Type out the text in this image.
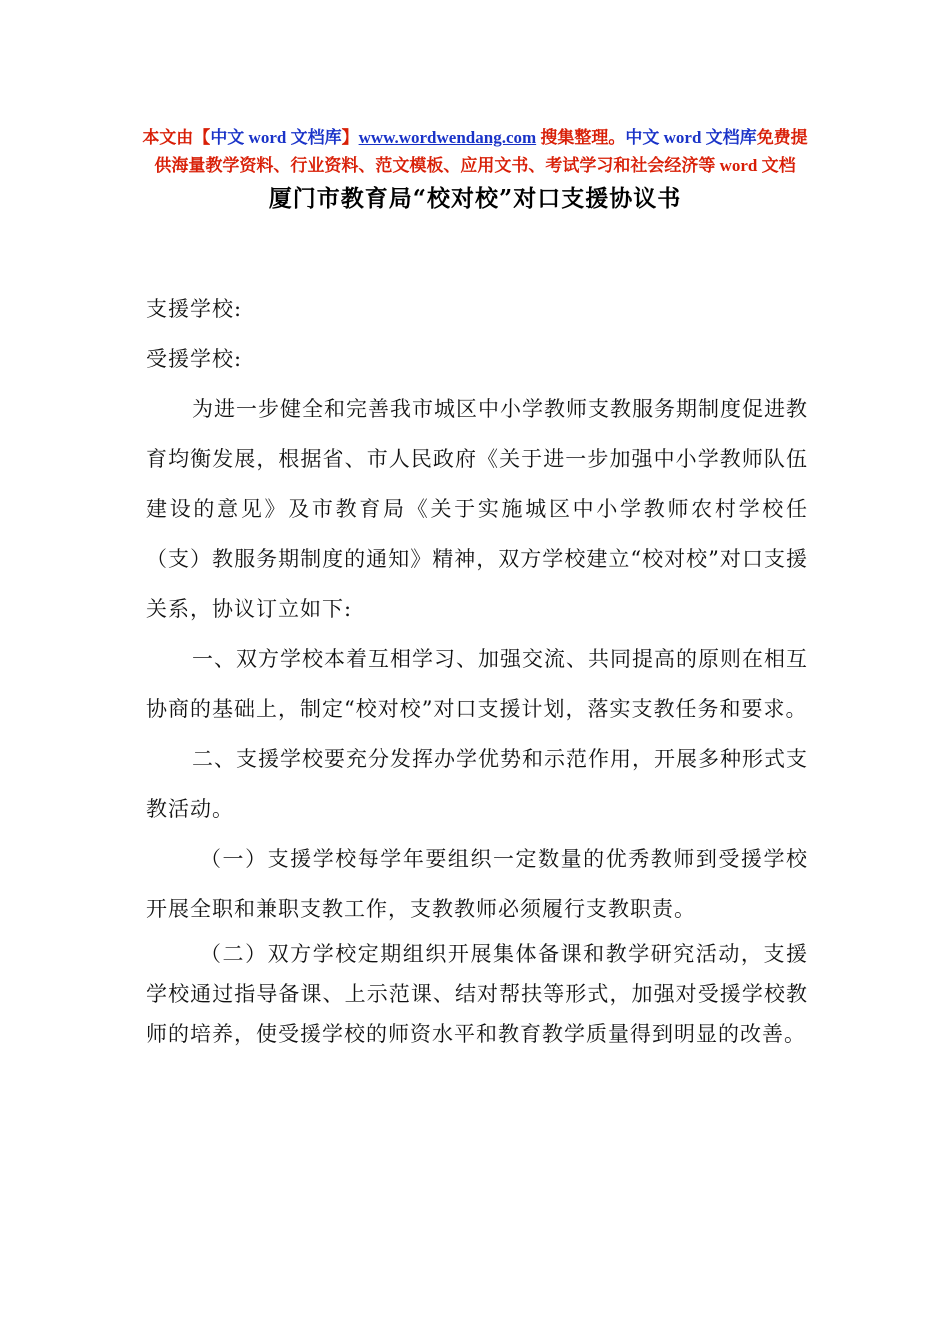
本文由【中文 word 文档库】www.wordwendang.com 搜集整理。中文 word 文档库免费提供海量教学资料、行业资料、范文模板、应用文书、考试学习和社会经济等 word 文档
厦门市教育局“校对校”对口支援协议书

支援学校:

受援学校:

为进一步健全和完善我市城区中小学教师支教服务期制度促进教育均衡发展，根据省、市人民政府《关于进一步加强中小学教师队伍建设的意见》及市教育局《关于实施城区中小学教师农村学校任（支）教服务期制度的通知》精神，双方学校建立“校对校”对口支援关系，协议订立如下:

一、双方学校本着互相学习、加强交流、共同提高的原则在相互协商的基础上，制定“校对校”对口支援计划，落实支教任务和要求。

二、支援学校要充分发挥办学优势和示范作用，开展多种形式支教活动。

（一）支援学校每学年要组织一定数量的优秀教师到受援学校开展全职和兼职支教工作，支教教师必须履行支教职责。

（二）双方学校定期组织开展集体备课和教学研究活动，支援学校通过指导备课、上示范课、结对帮扶等形式，加强对受援学校教师的培养，使受援学校的师资水平和教育教学质量得到明显的改善。
